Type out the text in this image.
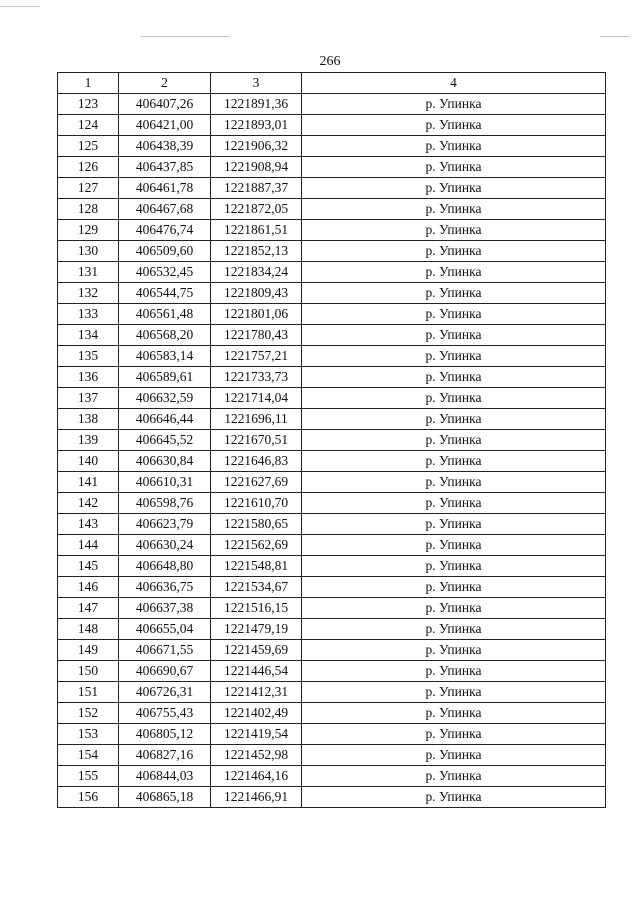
266
1	2	3	4
123	406407,26	1221891,36	р. Упинка
124	406421,00	1221893,01	р. Упинка
125	406438,39	1221906,32	р. Упинка
126	406437,85	1221908,94	р. Упинка
127	406461,78	1221887,37	р. Упинка
128	406467,68	1221872,05	р. Упинка
129	406476,74	1221861,51	р. Упинка
130	406509,60	1221852,13	р. Упинка
131	406532,45	1221834,24	р. Упинка
132	406544,75	1221809,43	р. Упинка
133	406561,48	1221801,06	р. Упинка
134	406568,20	1221780,43	р. Упинка
135	406583,14	1221757,21	р. Упинка
136	406589,61	1221733,73	р. Упинка
137	406632,59	1221714,04	р. Упинка
138	406646,44	1221696,11	р. Упинка
139	406645,52	1221670,51	р. Упинка
140	406630,84	1221646,83	р. Упинка
141	406610,31	1221627,69	р. Упинка
142	406598,76	1221610,70	р. Упинка
143	406623,79	1221580,65	р. Упинка
144	406630,24	1221562,69	р. Упинка
145	406648,80	1221548,81	р. Упинка
146	406636,75	1221534,67	р. Упинка
147	406637,38	1221516,15	р. Упинка
148	406655,04	1221479,19	р. Упинка
149	406671,55	1221459,69	р. Упинка
150	406690,67	1221446,54	р. Упинка
151	406726,31	1221412,31	р. Упинка
152	406755,43	1221402,49	р. Упинка
153	406805,12	1221419,54	р. Упинка
154	406827,16	1221452,98	р. Упинка
155	406844,03	1221464,16	р. Упинка
156	406865,18	1221466,91	р. Упинка
